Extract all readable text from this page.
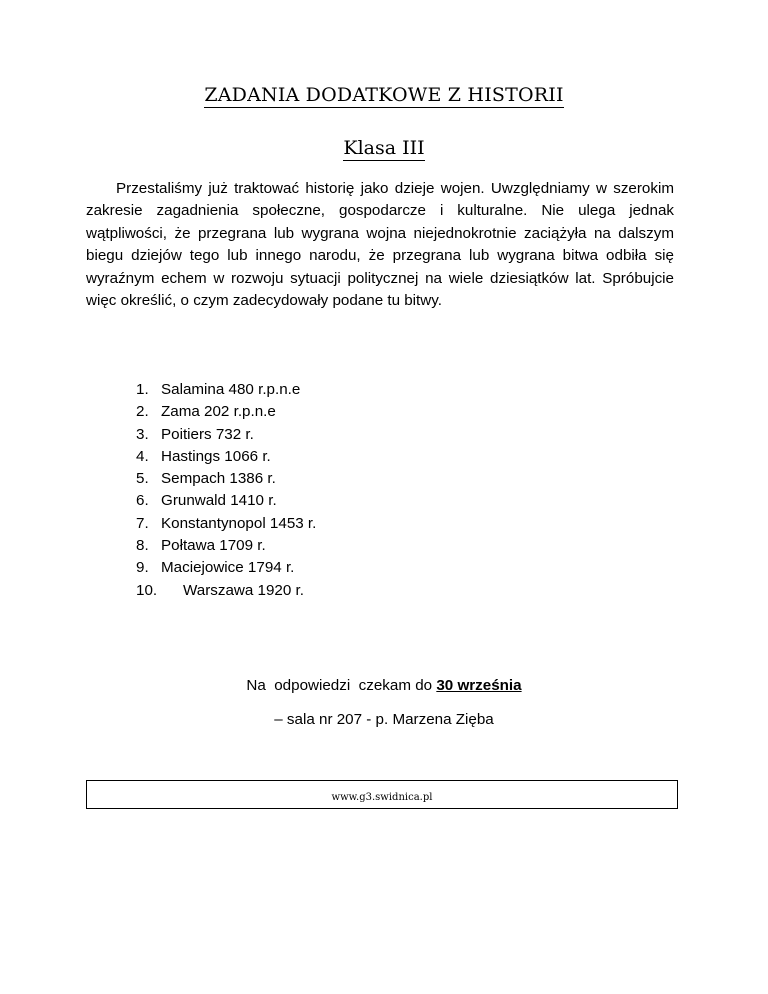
ZADANIA DODATKOWE Z HISTORII
Klasa III

Przestaliśmy już traktować historię jako dzieje wojen. Uwzględniamy w szerokim zakresie zagadnienia społeczne, gospodarcze i kulturalne. Nie ulega jednak wątpliwości, że przegrana lub wygrana wojna niejednokrotnie zaciążyła na dalszym biegu dziejów tego lub innego narodu, że przegrana lub wygrana bitwa odbiła się wyraźnym echem w rozwoju sytuacji politycznej na wiele dziesiątków lat. Spróbujcie więc określić, o czym zadecydowały podane tu bitwy.

1. Salamina 480 r.p.n.e
2. Zama 202 r.p.n.e
3. Poitiers 732 r.
4. Hastings 1066 r.
5. Sempach 1386 r.
6. Grunwald 1410 r.
7. Konstantynopol 1453 r.
8. Połtawa 1709 r.
9. Maciejowice 1794 r.
10.	Warszawa 1920 r.
Na  odpowiedzi  czekam do 30 września
– sala nr 207 - p. Marzena Zięba
www.g3.swidnica.pl
